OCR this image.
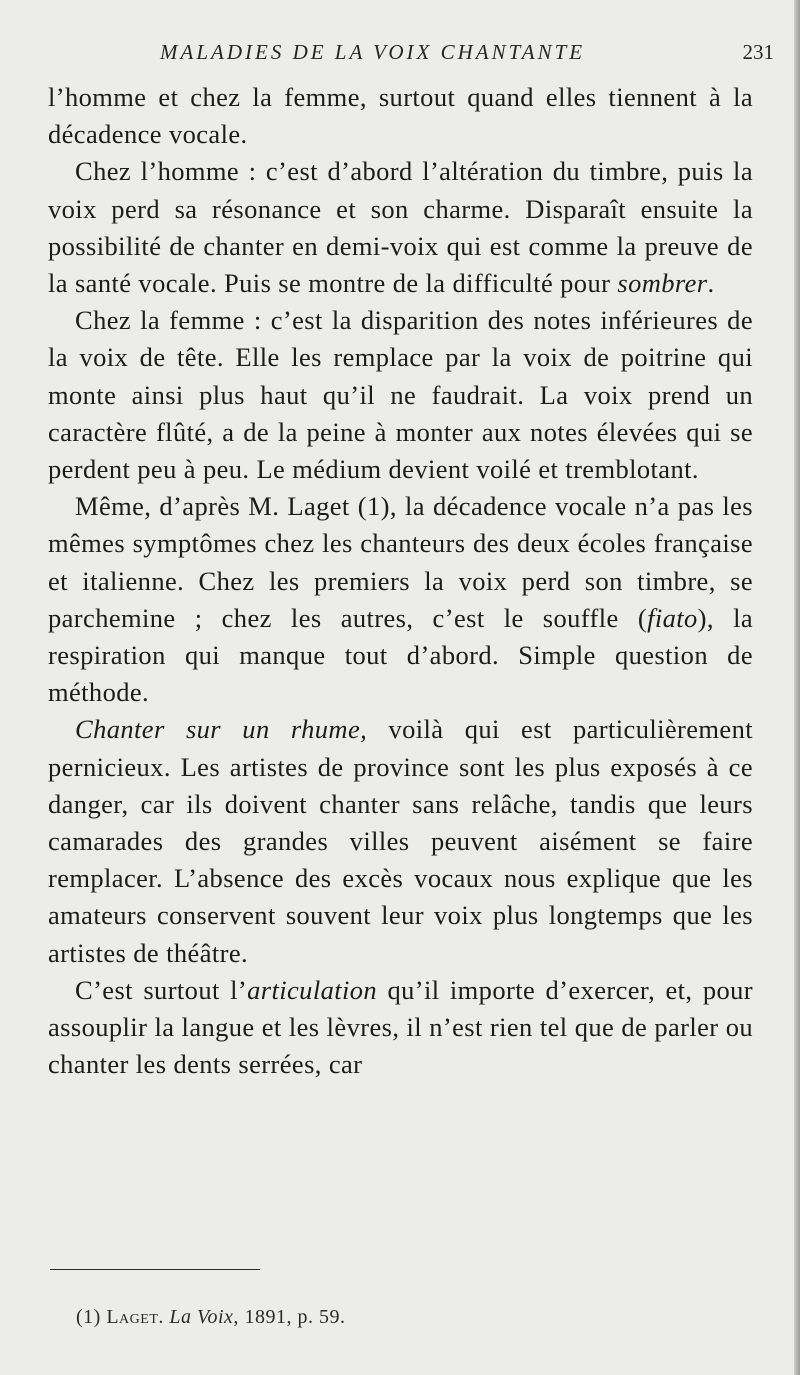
MALADIES DE LA VOIX CHANTANTE	231

l’homme et chez la femme, surtout quand elles tiennent à la décadence vocale.

Chez l’homme : c’est d’abord l’altération du timbre, puis la voix perd sa résonance et son charme. Disparaît ensuite la possibilité de chanter en demi-voix qui est comme la preuve de la santé vocale. Puis se montre de la difficulté pour sombrer.

Chez la femme : c’est la disparition des notes inférieures de la voix de tête. Elle les remplace par la voix de poitrine qui monte ainsi plus haut qu’il ne faudrait. La voix prend un caractère flûté, a de la peine à monter aux notes élevées qui se perdent peu à peu. Le médium devient voilé et tremblotant.

Même, d’après M. Laget (1), la décadence vocale n’a pas les mêmes symptômes chez les chanteurs des deux écoles française et italienne. Chez les premiers la voix perd son timbre, se parchemine ; chez les autres, c’est le souffle (fiato), la respiration qui manque tout d’abord. Simple question de méthode.

Chanter sur un rhume, voilà qui est particulièrement pernicieux. Les artistes de province sont les plus exposés à ce danger, car ils doivent chanter sans relâche, tandis que leurs camarades des grandes villes peuvent aisément se faire remplacer. L’absence des excès vocaux nous explique que les amateurs conservent souvent leur voix plus longtemps que les artistes de théâtre.

C’est surtout l’articulation qu’il importe d’exercer, et, pour assouplir la langue et les lèvres, il n’est rien tel que de parler ou chanter les dents serrées, car

(1) Laget. La Voix, 1891, p. 59.
